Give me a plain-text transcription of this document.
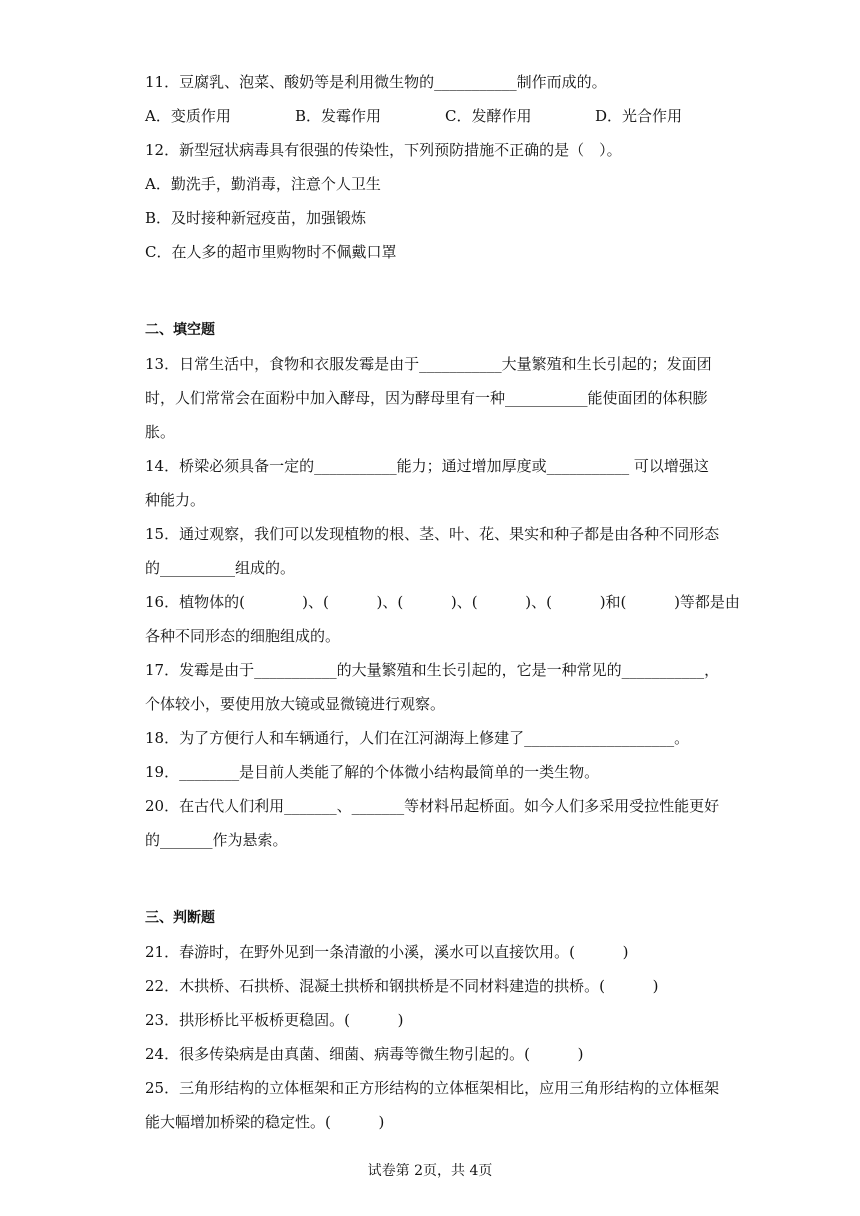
11．豆腐乳、泡菜、酸奶等是利用微生物的___________制作而成的。
A．变质作用	B．发霉作用	C．发酵作用	D．光合作用
12．新型冠状病毒具有很强的传染性，下列预防措施不正确的是（　）。
A．勤洗手，勤消毒，注意个人卫生
B．及时接种新冠疫苗，加强锻炼
C．在人多的超市里购物时不佩戴口罩
二、填空题
13．日常生活中，食物和衣服发霉是由于___________大量繁殖和生长引起的；发面团
时，人们常常会在面粉中加入酵母，因为酵母里有一种___________能使面团的体积膨
胀。
14．桥梁必须具备一定的___________能力；通过增加厚度或___________ 可以增强这
种能力。
15．通过观察，我们可以发现植物的根、茎、叶、花、果实和种子都是由各种不同形态
的__________组成的。
16．植物体的(            )、(          )、(          )、(          )、(          )和(          )等都是由
各种不同形态的细胞组成的。
17．发霉是由于___________的大量繁殖和生长引起的，它是一种常见的___________，
个体较小，要使用放大镜或显微镜进行观察。
18．为了方便行人和车辆通行，人们在江河湖海上修建了____________________。
19．________是目前人类能了解的个体微小结构最简单的一类生物。
20．在古代人们利用_______、_______等材料吊起桥面。如今人们多采用受拉性能更好
的_______作为悬索。
三、判断题
21．春游时，在野外见到一条清澈的小溪，溪水可以直接饮用。(          )
22．木拱桥、石拱桥、混凝土拱桥和钢拱桥是不同材料建造的拱桥。(          )
23．拱形桥比平板桥更稳固。(          )
24．很多传染病是由真菌、细菌、病毒等微生物引起的。(          )
25．三角形结构的立体框架和正方形结构的立体框架相比，应用三角形结构的立体框架
能大幅增加桥梁的稳定性。(          )
试卷第 2页，共 4页
